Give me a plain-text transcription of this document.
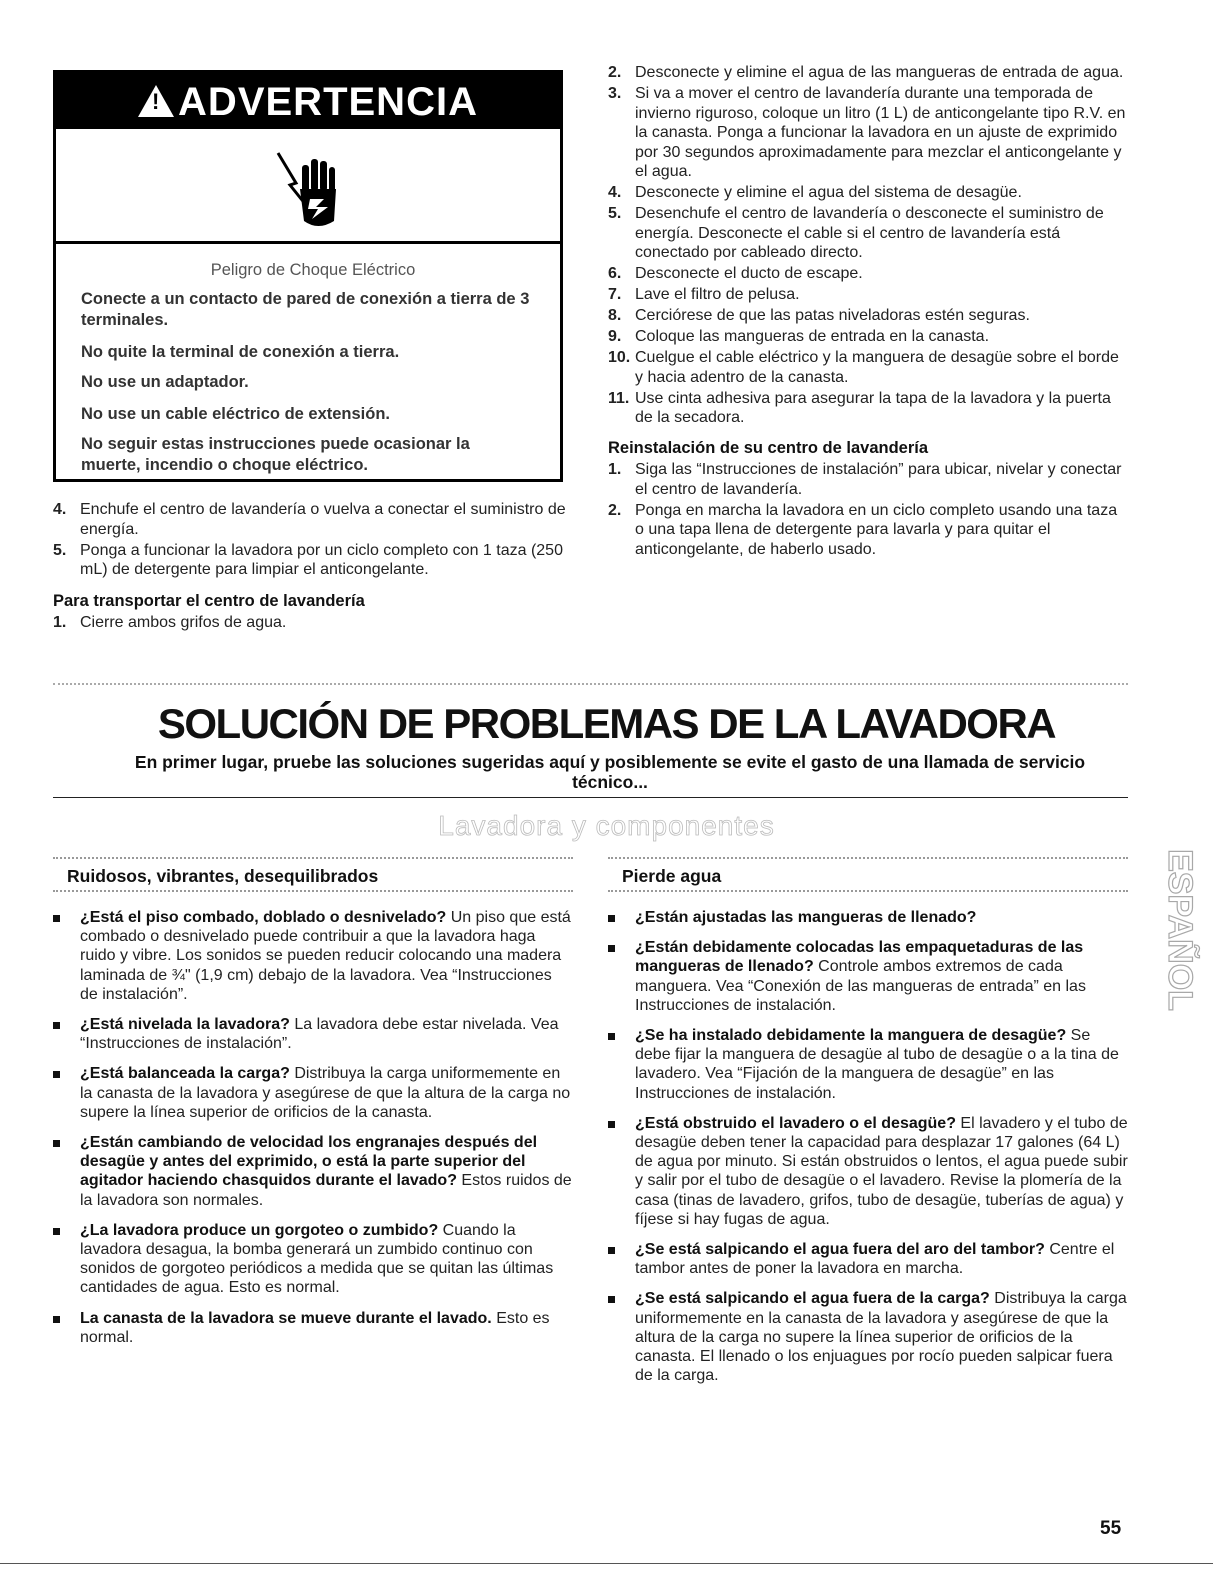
!ADVERTENCIA
Peligro de Choque Eléctrico
Conecte a un contacto de pared de conexión a tierra de 3 terminales.
No quite la terminal de conexión a tierra.
No use un adaptador.
No use un cable eléctrico de extensión.
No seguir estas instrucciones puede ocasionar la muerte, incendio o choque eléctrico.
4. Enchufe el centro de lavandería o vuelva a conectar el suministro de energía.
5. Ponga a funcionar la lavadora por un ciclo completo con 1 taza (250 mL) de detergente para limpiar el anticongelante.
Para transportar el centro de lavandería
1. Cierre ambos grifos de agua.
2. Desconecte y elimine el agua de las mangueras de entrada de agua.
3. Si va a mover el centro de lavandería durante una temporada de invierno riguroso, coloque un litro (1 L) de anticongelante tipo R.V. en la canasta. Ponga a funcionar la lavadora en un ajuste de exprimido por 30 segundos aproximadamente para mezclar el anticongelante y el agua.
4. Desconecte y elimine el agua del sistema de desagüe.
5. Desenchufe el centro de lavandería o desconecte el suministro de energía. Desconecte el cable si el centro de lavandería está conectado por cableado directo.
6. Desconecte el ducto de escape.
7. Lave el filtro de pelusa.
8. Cerciórese de que las patas niveladoras estén seguras.
9. Coloque las mangueras de entrada en la canasta.
10. Cuelgue el cable eléctrico y la manguera de desagüe sobre el borde y hacia adentro de la canasta.
11. Use cinta adhesiva para asegurar la tapa de la lavadora y la puerta de la secadora.
Reinstalación de su centro de lavandería
1. Siga las “Instrucciones de instalación” para ubicar, nivelar y conectar el centro de lavandería.
2. Ponga en marcha la lavadora en un ciclo completo usando una taza o una tapa llena de detergente para lavarla y para quitar el anticongelante, de haberlo usado.
SOLUCIÓN DE PROBLEMAS DE LA LAVADORA
En primer lugar, pruebe las soluciones sugeridas aquí y posiblemente se evite el gasto de una llamada de servicio técnico...
Lavadora y componentes
Ruidosos, vibrantes, desequilibrados	Pierde agua
¿Está el piso combado, doblado o desnivelado? Un piso que está combado o desnivelado puede contribuir a que la lavadora haga ruido y vibre. Los sonidos se pueden reducir colocando una madera laminada de ¾" (1,9 cm) debajo de la lavadora. Vea “Instrucciones de instalación”.
¿Está nivelada la lavadora? La lavadora debe estar nivelada. Vea “Instrucciones de instalación”.
¿Está balanceada la carga? Distribuya la carga uniformemente en la canasta de la lavadora y asegúrese de que la altura de la carga no supere la línea superior de orificios de la canasta.
¿Están cambiando de velocidad los engranajes después del desagüe y antes del exprimido, o está la parte superior del agitador haciendo chasquidos durante el lavado? Estos ruidos de la lavadora son normales.
¿La lavadora produce un gorgoteo o zumbido? Cuando la lavadora desagua, la bomba generará un zumbido continuo con sonidos de gorgoteo periódicos a medida que se quitan las últimas cantidades de agua. Esto es normal.
La canasta de la lavadora se mueve durante el lavado. Esto es normal.
¿Están ajustadas las mangueras de llenado?
¿Están debidamente colocadas las empaquetaduras de las mangueras de llenado? Controle ambos extremos de cada manguera. Vea “Conexión de las mangueras de entrada” en las Instrucciones de instalación.
¿Se ha instalado debidamente la manguera de desagüe? Se debe fijar la manguera de desagüe al tubo de desagüe o a la tina de lavadero. Vea “Fijación de la manguera de desagüe” en las Instrucciones de instalación.
¿Está obstruido el lavadero o el desagüe? El lavadero y el tubo de desagüe deben tener la capacidad para desplazar 17 galones (64 L) de agua por minuto. Si están obstruidos o lentos, el agua puede subir y salir por el tubo de desagüe o el lavadero. Revise la plomería de la casa (tinas de lavadero, grifos, tubo de desagüe, tuberías de agua) y fíjese si hay fugas de agua.
¿Se está salpicando el agua fuera del aro del tambor? Centre el tambor antes de poner la lavadora en marcha.
¿Se está salpicando el agua fuera de la carga? Distribuya la carga uniformemente en la canasta de la lavadora y asegúrese de que la altura de la carga no supere la línea superior de orificios de la canasta. El llenado o los enjuagues por rocío pueden salpicar fuera de la carga.
ESPAÑOL
55
